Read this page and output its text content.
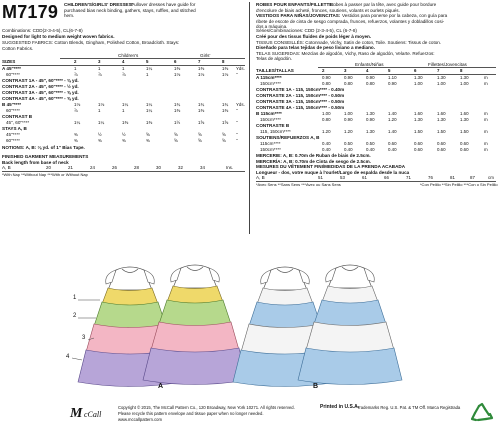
M7179 CHILDREN'S/GIRLS' DRESSES:
Pullover dresses have guide for
purchased bias neck binding, gathers, stays, ruffles, and stitched
hem.
ROBES POUR ENFANTS/FILLETTE:
Robes à passer par la tête, avec guide pour bordure
d'encolure de biais acheté, fronces, soutiens, volants et ourlets piqués.
VESTIDOS PARA NIÑAS/JOVENCITAS: Vestidos para ponerse por la cabeza, con guía para
ribete de escote de cinta de sesgo comprada, frunces, refuerzos, volantes y dobladillos cosi-
dos a máquina.
Combinations: CDD(2-3-4-5), CL(6-7-8)
Designed for light to medium weight woven fabrics.
SUGGESTED FABRICS: Cotton Blends, Gingham, Polished Cotton, Broadcloth. Stays:
Cotton Fabrics.
Children's	Girls'
SIZES	2	3	4	5	6	7	8
A 45"****	1	1	1	1¼	1⅜	1⅜	1⅜ Yds.
60"****	⅞	⅞	⅞	1	1⅛	1⅛	1⅛ "
CONTRAST 1A - 45", 60"**** - ⅜ yd.
CONTRAST 2A - 45", 60"**** - ½ yd.
CONTRAST 3A - 45", 60"**** - ⅝ yd.
CONTRAST 4A - 45", 60"**** - ⅝ yd.
B 45"****	1⅛	1⅛	1¼	1¼	1¾	1¾	1¾ Yds.
60"****	⅞	1	1	1¼	1⅜	1⅜	1⅜ "
CONTRAST B
45", 60"****	1¼	1¼	1⅜	1⅜	1½	1⅝	1⅝ "
STAYS A, B
45"****	⅜	½	½	⅝	⅝	⅝	⅝ "
60"****	⅜	⅜	⅜	⅜	⅝	⅝	⅝ "
NOTIONS: A, B: ⅛ yd. of 1" Bias Tape.
FINISHED GARMENT MEASUREMENTS
Back length from base of neck
A, B	20	21	24	26	28	30	32	34	Ins.
*With Nap **Without Nap ***With or Without Nap
Séries/Combinaciones: CDD (2-3-4-5), CL (6-7-8)
Créé pour des tissus fluides de poids léger à moyen.
TISSUS CONSEILLÉS: Cotonnade, Vichy, Satin de coton, Toile. Soutiens: Tissus de coton.
Diseñado para telas tejidas de peso liviano a mediano.
TELAS SUGERIDAS: Mezclas de algodón, Vichy, Raso de algodón, Velarte. Refuerzos:
Telas de algodón.
Enfants/Niñas	Fillettes/Jovencitas
TAILLES/TALLAS	2	3	4	5	6	7	8
A 115cm****	0.90	0.90	0.90	1.10	1.30	1.30	1.30	m
150cm****	0.80	0.80	0.80	0.90	1.00	1.00	1.00	m
CONTRASTE 1A - 115, 150cm**** - 0.40m
CONTRASTE 2A - 115, 150cm**** - 0.50m
CONTRASTE 3A - 115, 150cm**** - 0.50m
CONTRASTE 4A - 115, 150cm**** - 0.50m
B 115cm****	1.00	1.00	1.30	1.40	1.60	1.60	1.60	m
150cm****	0.80	0.90	0.90	1.20	1.30	1.30	1.30	m
CONTRASTE B
115, 150cm****	1.20	1.20	1.30	1.40	1.50	1.50	1.50	m
SOUTIENS/REFUERZOS A, B
115cm****	0.40	0.50	0.50	0.60	0.60	0.60	0.60	m
150cm****	0.40	0.40	0.40	0.40	0.60	0.60	0.60	m
MERCERIE: A, B: 0.70m de Ruban de biais de 2.5cm.
MERCERÍA: A, B: 0.70m de Cinta de sesgo de 2.5cm.
MESURES DU VÊTEMENT FINI/MEDIDAS DE LA PRENDA ACABADA
Longueur - dos, votre nuque à l'ourlet/Largo de espalda desde la nuca
A, B	51	53	61	66	71	76	81	87	cm
*Avec Sens **Sans Sens ***Avec ou Sans Sens	*Con Pelillo **Sin Pelillo ***Con o Sin Pelillo
1
2
3
4
A	B
Copyright © 2015, The McCall Pattern Co., 120 Broadway, New York 10271. All rights reserved.	Printed in U.S.A.
Trademarks Reg. U.S. Pat. & TM Off. Marca Registrada
Please recycle this pattern envelope and tissue paper when no longer needed.
www.mccallpattern.com
M cCall
